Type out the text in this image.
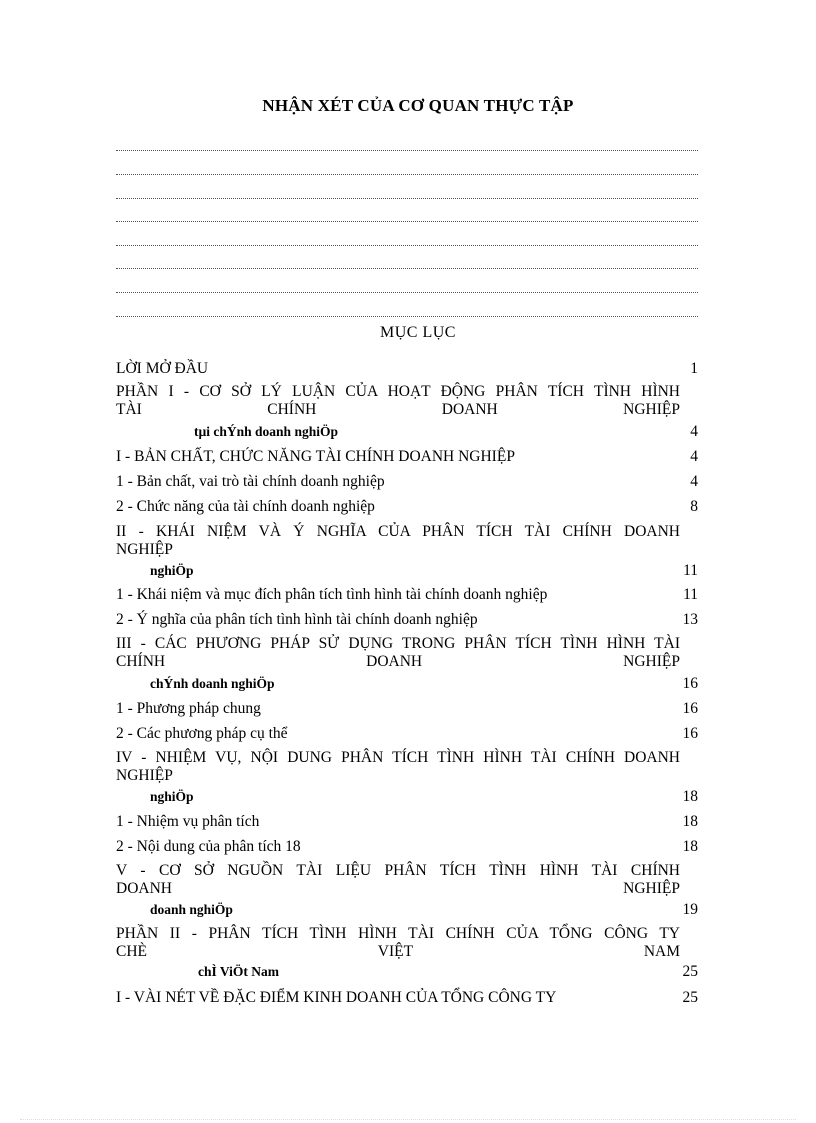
NHẬN XÉT CỦA CƠ QUAN THỰC TẬP
MỤC LỤC
LỜI MỞ ĐẦU	1
PHẦN I - CƠ SỞ LÝ LUẬN CỦA HOẠT ĐỘNG PHÂN TÍCH TÌNH HÌNH
TÀI CHÍNH DOANH NGHIỆP
tµi chÝnh doanh nghiÖp	4
I - BẢN CHẤT, CHỨC NĂNG TÀI CHÍNH DOANH NGHIỆP	4
1 - Bản chất, vai trò tài chính doanh nghiệp	4
2 - Chức năng của tài chính doanh nghiệp	8
II - KHÁI NIỆM VÀ Ý NGHĨA CỦA PHÂN TÍCH TÀI CHÍNH DOANH
NGHIỆP
nghiÖp	11
1 - Khái niệm và mục đích phân tích tình hình tài chính doanh nghiệp	11
2 - Ý nghĩa của phân tích tình hình tài chính doanh nghiệp	13
III - CÁC PHƯƠNG PHÁP SỬ DỤNG TRONG PHÂN TÍCH TÌNH HÌNH TÀI
CHÍNH DOANH NGHIỆP
chÝnh doanh nghiÖp	16
1 - Phương pháp chung	16
2 - Các phương pháp cụ thể	16
IV - NHIỆM VỤ, NỘI DUNG PHÂN TÍCH TÌNH HÌNH TÀI CHÍNH DOANH
NGHIỆP
nghiÖp	18
1 - Nhiệm vụ phân tích	18
2 - Nội dung của phân tích 18	18
V - CƠ SỞ NGUỒN TÀI LIỆU PHÂN TÍCH TÌNH HÌNH TÀI CHÍNH
DOANH NGHIỆP
doanh nghiÖp	19
PHẦN II - PHÂN TÍCH TÌNH HÌNH TÀI CHÍNH CỦA TỔNG CÔNG TY
CHÈ VIỆT NAM
chÌ ViÖt Nam	25
I - VÀI NÉT VỀ ĐẶC ĐIỂM KINH DOANH CỦA TỔNG CÔNG TY	25
